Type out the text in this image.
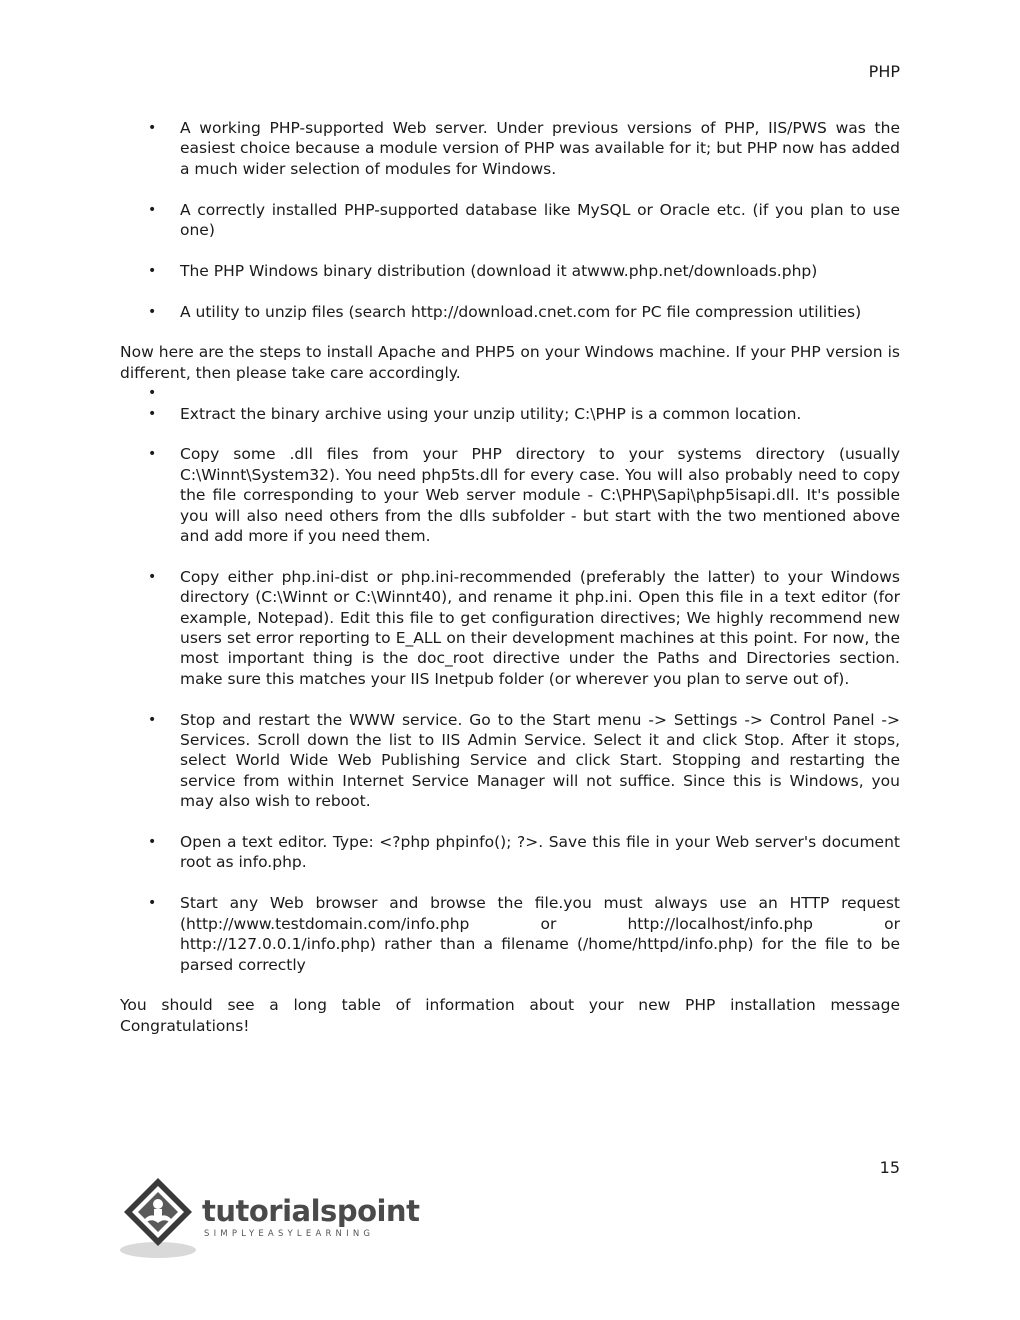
PHP
• A working PHP-supported Web server. Under previous versions of PHP, IIS/PWS was the easiest choice because a module version of PHP was available for it; but PHP now has added a much wider selection of modules for Windows.
• A correctly installed PHP-supported database like MySQL or Oracle etc. (if you plan to use one)
• The PHP Windows binary distribution (download it atwww.php.net/downloads.php)
• A utility to unzip files (search http://download.cnet.com for PC file compression utilities)

Now here are the steps to install Apache and PHP5 on your Windows machine. If your PHP version is different, then please take care accordingly.

•
• Extract the binary archive using your unzip utility; C:\PHP is a common location.
• Copy some .dll files from your PHP directory to your systems directory (usually C:\Winnt\System32). You need php5ts.dll for every case. You will also probably need to copy the file corresponding to your Web server module - C:\PHP\Sapi\php5isapi.dll. It's possible you will also need others from the dlls subfolder - but start with the two mentioned above and add more if you need them.
• Copy either php.ini-dist or php.ini-recommended (preferably the latter) to your Windows directory (C:\Winnt or C:\Winnt40), and rename it php.ini. Open this file in a text editor (for example, Notepad). Edit this file to get configuration directives; We highly recommend new users set error reporting to E_ALL on their development machines at this point. For now, the most important thing is the doc_root directive under the Paths and Directories section. make sure this matches your IIS Inetpub folder (or wherever you plan to serve out of).
• Stop and restart the WWW service. Go to the Start menu -> Settings -> Control Panel -> Services. Scroll down the list to IIS Admin Service. Select it and click Stop. After it stops, select World Wide Web Publishing Service and click Start. Stopping and restarting the service from within Internet Service Manager will not suffice. Since this is Windows, you may also wish to reboot.
• Open a text editor. Type: <?php phpinfo(); ?>. Save this file in your Web server's document root as info.php.
• Start any Web browser and browse the file.you must always use an HTTP request (http://www.testdomain.com/info.php or http://localhost/info.php or http://127.0.0.1/info.php) rather than a filename (/home/httpd/info.php) for the file to be parsed correctly

You should see a long table of information about your new PHP installation message Congratulations!

15
tutorialspoint
SIMPLYEASYLEARNING
